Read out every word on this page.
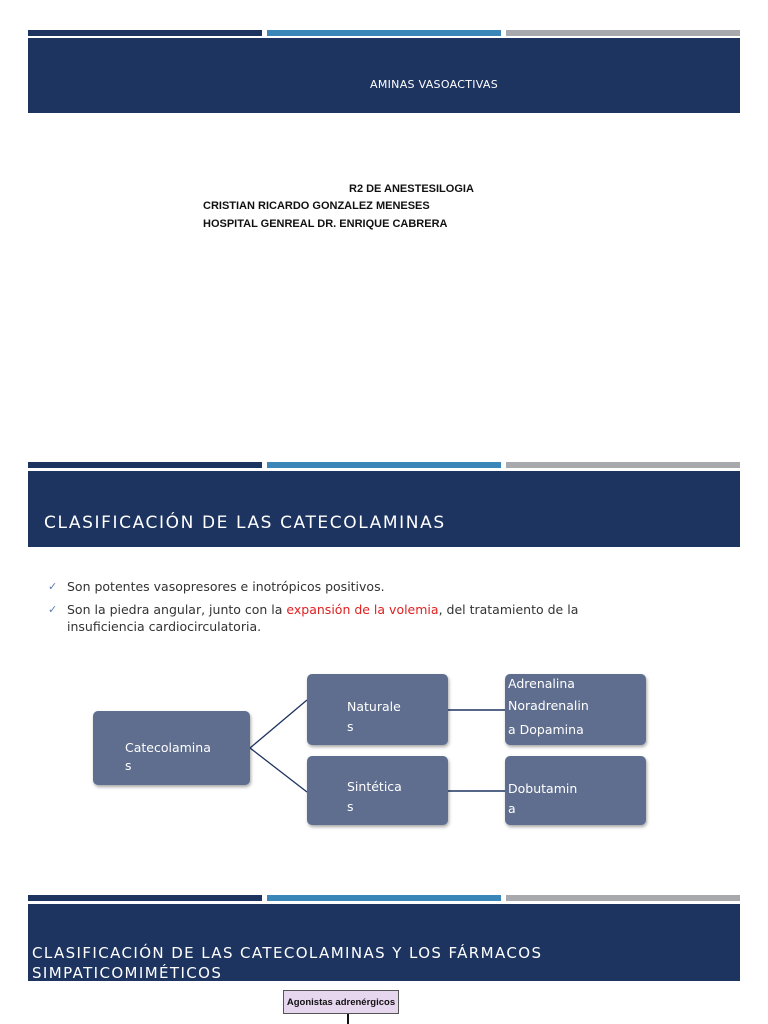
AMINAS VASOACTIVAS
R2 DE ANESTESILOGIA
CRISTIAN RICARDO GONZALEZ MENESES
HOSPITAL GENREAL DR. ENRIQUE CABRERA
CLASIFICACIÓN DE LAS CATECOLAMINAS
✓ Son potentes vasopresores e inotrópicos positivos.
✓ Son la piedra angular, junto con la expansión de la volemia, del tratamiento de la insuficiencia cardiocirculatoria.
Catecolamina
s
Naturale
s
Sintética
s
Adrenalina
Noradrenalin
a Dopamina
Dobutamin
a
CLASIFICACIÓN DE LAS CATECOLAMINAS Y LOS FÁRMACOS
SIMPATICOMIMÉTICOS
Agonistas adrenérgicos
